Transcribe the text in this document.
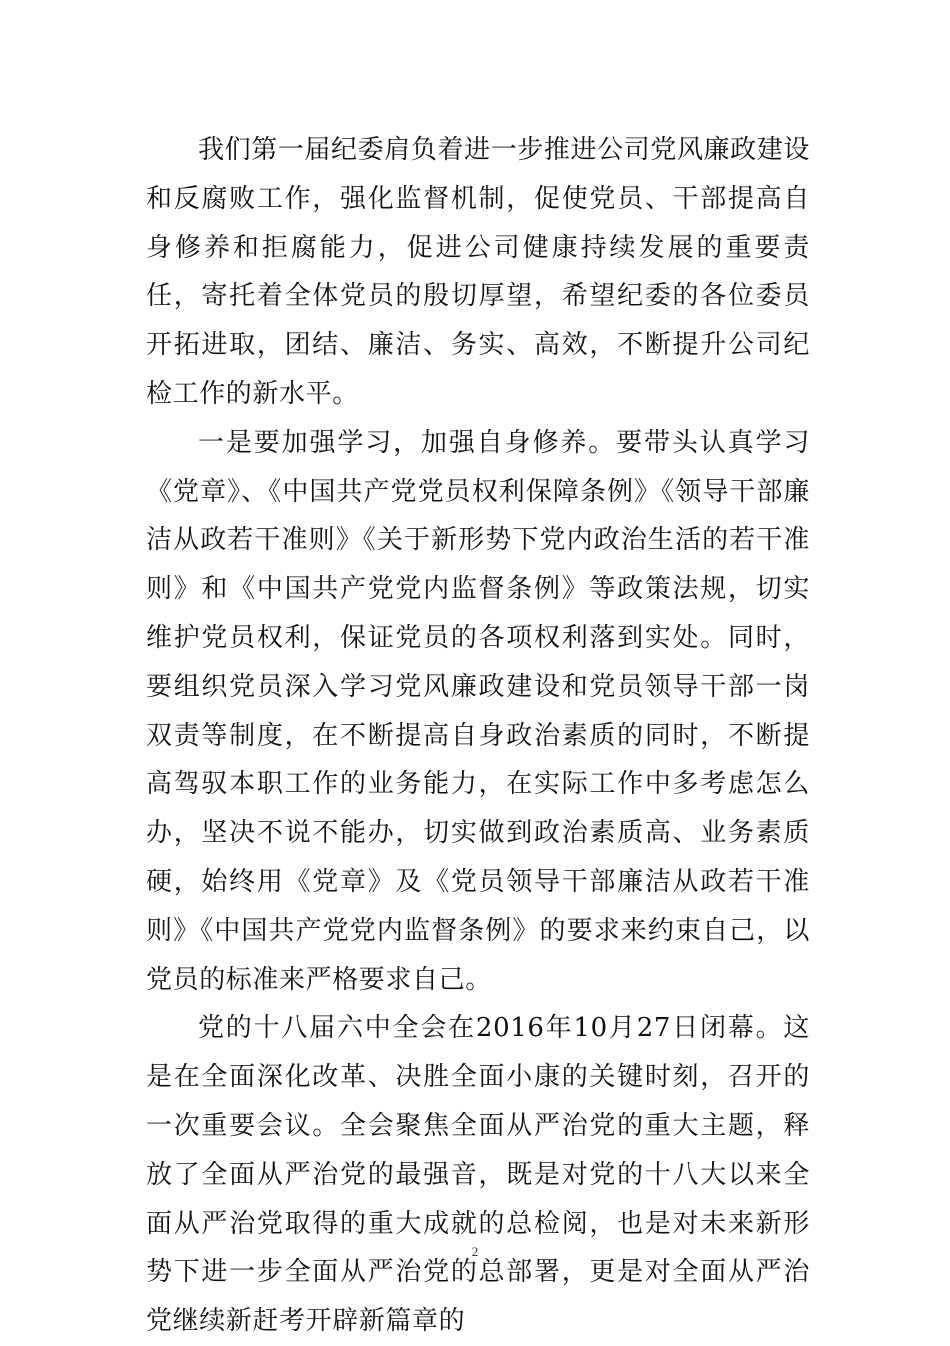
我们第一届纪委肩负着进一步推进公司党风廉政建设和反腐败工作，强化监督机制，促使党员、干部提高自身修养和拒腐能力，促进公司健康持续发展的重要责任，寄托着全体党员的殷切厚望，希望纪委的各位委员开拓进取，团结、廉洁、务实、高效，不断提升公司纪检工作的新水平。

一是要加强学习，加强自身修养。要带头认真学习《党章》、《中国共产党党员权利保障条例》《领导干部廉洁从政若干准则》《关于新形势下党内政治生活的若干准则》和《中国共产党党内监督条例》等政策法规，切实维护党员权利，保证党员的各项权利落到实处。同时，要组织党员深入学习党风廉政建设和党员领导干部一岗双责等制度，在不断提高自身政治素质的同时，不断提高驾驭本职工作的业务能力，在实际工作中多考虑怎么办，坚决不说不能办，切实做到政治素质高、业务素质硬，始终用《党章》及《党员领导干部廉洁从政若干准则》《中国共产党党内监督条例》的要求来约束自己，以党员的标准来严格要求自己。

党的十八届六中全会在2016年10月27日闭幕。这是在全面深化改革、决胜全面小康的关键时刻，召开的一次重要会议。全会聚焦全面从严治党的重大主题，释放了全面从严治党的最强音，既是对党的十八大以来全面从严治党取得的重大成就的总检阅，也是对未来新形势下进一步全面从严治党的总部署，更是对全面从严治党继续新赶考开辟新篇章的

2
